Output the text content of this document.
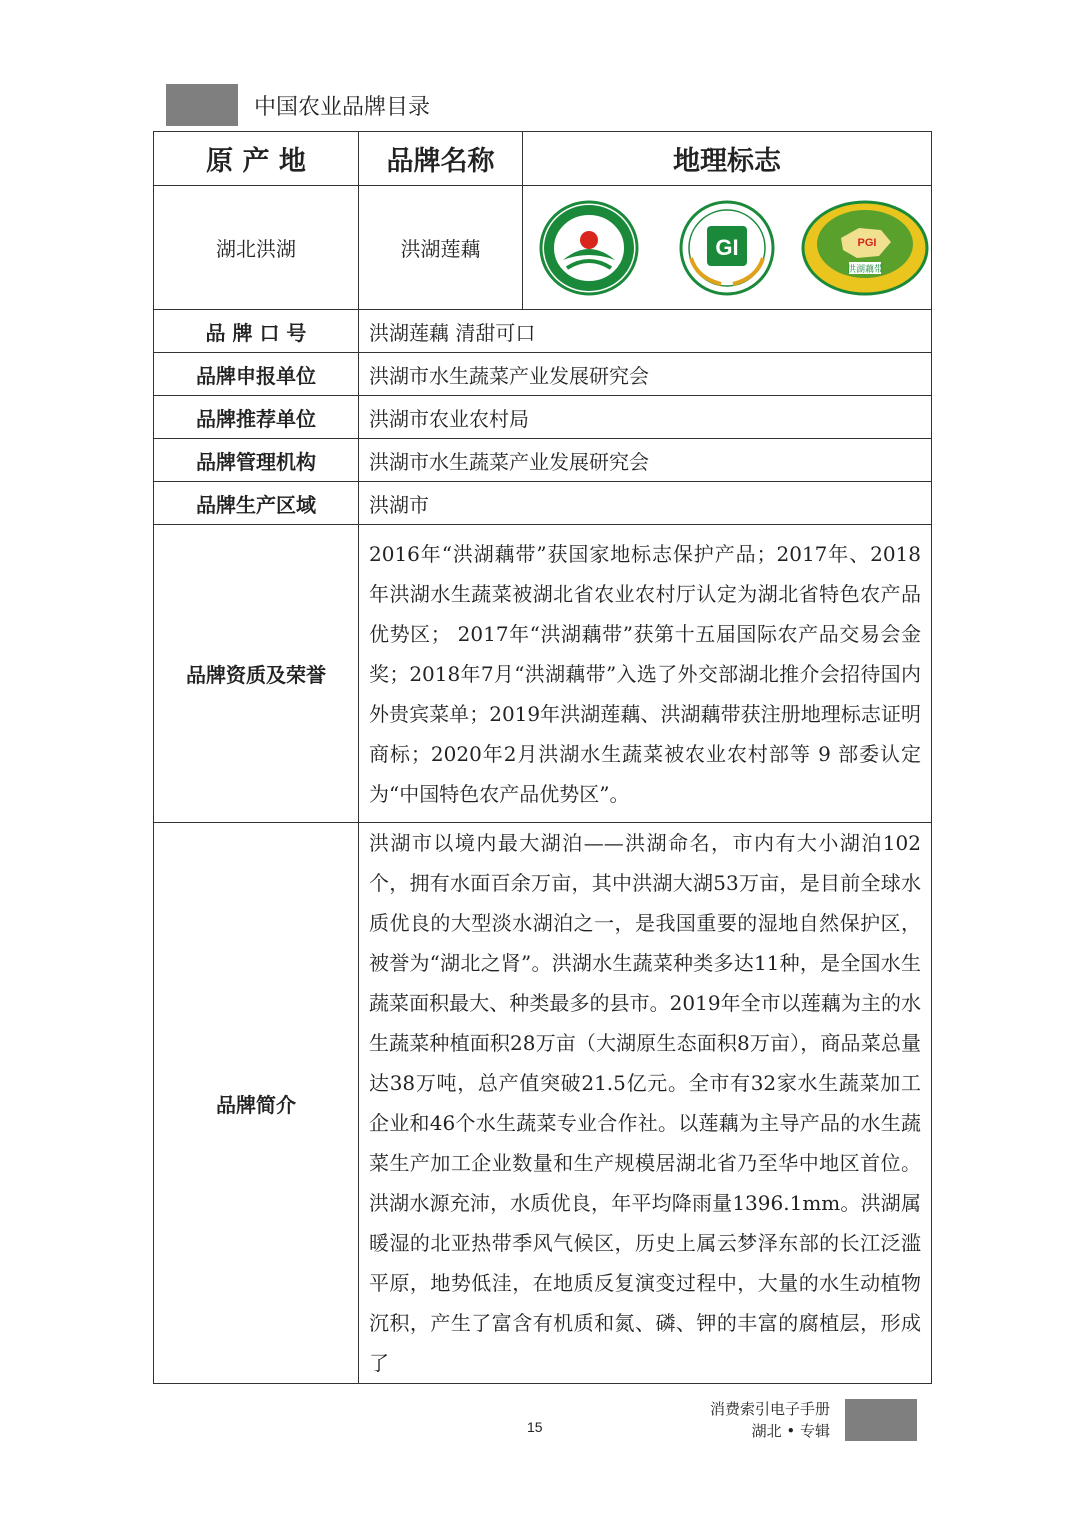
中国农业品牌目录
原 产 地	品牌名称	地理标志
湖北洪湖	洪湖莲藕	GI PGI
洪湖藕带

品 牌 口 号	洪湖莲藕 清甜可口	
品牌申报单位	洪湖市水生蔬菜产业发展研究会	
品牌推荐单位	洪湖市农业农村局	
品牌管理机构	洪湖市水生蔬菜产业发展研究会	
品牌生产区域	洪湖市	
品牌资质及荣誉	2016年“洪湖藕带”获国家地标志保护产品；2017年、2018年洪湖水生蔬菜被湖北省农业农村厅认定为湖北省特色农产品优势区； 2017年“洪湖藕带”获第十五届国际农产品交易会金奖；2018年7月“洪湖藕带”入选了外交部湖北推介会招待国内外贵宾菜单；2019年洪湖莲藕、洪湖藕带获注册地理标志证明商标；2020年2月洪湖水生蔬菜被农业农村部等 9 部委认定为“中国特色农产品优势区”。	
品牌简介	洪湖市以境内最大湖泊——洪湖命名，市内有大小湖泊102个，拥有水面百余万亩，其中洪湖大湖53万亩，是目前全球水质优良的大型淡水湖泊之一，是我国重要的湿地自然保护区，被誉为“湖北之肾”。洪湖水生蔬菜种类多达11种，是全国水生蔬菜面积最大、种类最多的县市。2019年全市以莲藕为主的水生蔬菜种植面积28万亩（大湖原生态面积8万亩），商品菜总量达38万吨，总产值突破21.5亿元。全市有32家水生蔬菜加工企业和46个水生蔬菜专业合作社。以莲藕为主导产品的水生蔬菜生产加工企业数量和生产规模居湖北省乃至华中地区首位。洪湖水源充沛，水质优良，年平均降雨量1396.1mm。洪湖属暖湿的北亚热带季风气候区，历史上属云梦泽东部的长江泛滥平原，地势低洼，在地质反复演变过程中，大量的水生动植物沉积，产生了富含有机质和氮、磷、钾的丰富的腐植层，形成了	
15
消费索引电子手册
湖北 • 专辑
